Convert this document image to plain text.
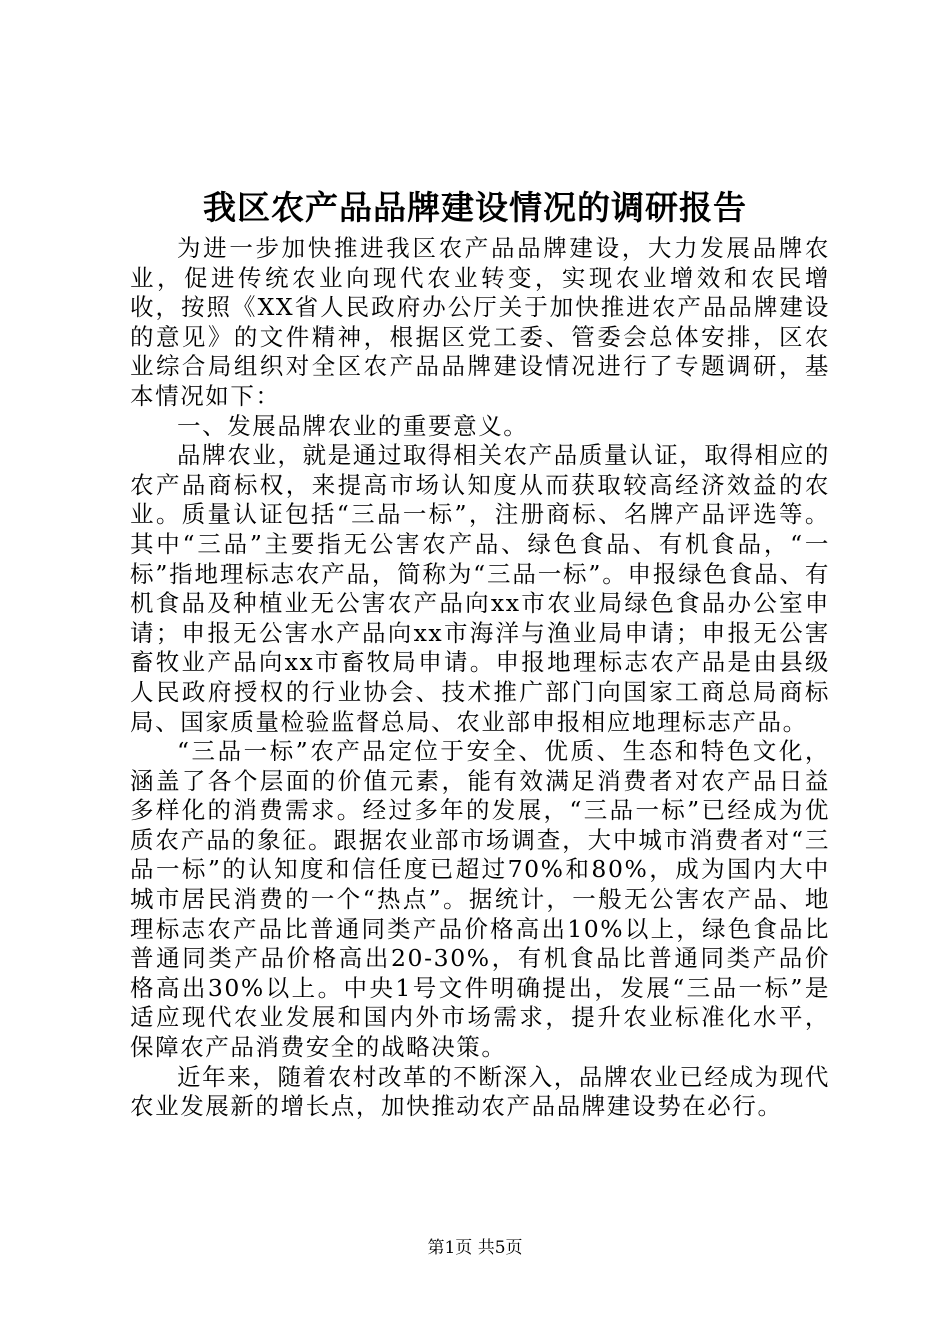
我区农产品品牌建设情况的调研报告

为进一步加快推进我区农产品品牌建设，大力发展品牌农业，促进传统农业向现代农业转变，实现农业增效和农民增收，按照《XX省人民政府办公厅关于加快推进农产品品牌建设的意见》的文件精神，根据区党工委、管委会总体安排，区农业综合局组织对全区农产品品牌建设情况进行了专题调研，基本情况如下：

一、发展品牌农业的重要意义。

品牌农业，就是通过取得相关农产品质量认证，取得相应的农产品商标权，来提高市场认知度从而获取较高经济效益的农业。质量认证包括“三品一标”，注册商标、名牌产品评选等。其中“三品”主要指无公害农产品、绿色食品、有机食品，“一标”指地理标志农产品，简称为“三品一标”。申报绿色食品、有机食品及种植业无公害农产品向xx市农业局绿色食品办公室申请；申报无公害水产品向xx市海洋与渔业局申请；申报无公害畜牧业产品向xx市畜牧局申请。申报地理标志农产品是由县级人民政府授权的行业协会、技术推广部门向国家工商总局商标局、国家质量检验监督总局、农业部申报相应地理标志产品。

“三品一标”农产品定位于安全、优质、生态和特色文化，涵盖了各个层面的价值元素，能有效满足消费者对农产品日益多样化的消费需求。经过多年的发展，“三品一标”已经成为优质农产品的象征。跟据农业部市场调查，大中城市消费者对“三品一标”的认知度和信任度已超过70%和80%，成为国内大中城市居民消费的一个“热点”。据统计，一般无公害农产品、地理标志农产品比普通同类产品价格高出10%以上，绿色食品比普通同类产品价格高出20-30%，有机食品比普通同类产品价格高出30%以上。中央1号文件明确提出，发展“三品一标”是适应现代农业发展和国内外市场需求，提升农业标准化水平，保障农产品消费安全的战略决策。

近年来，随着农村改革的不断深入，品牌农业已经成为现代农业发展新的增长点，加快推动农产品品牌建设势在必行。

第1页 共5页
